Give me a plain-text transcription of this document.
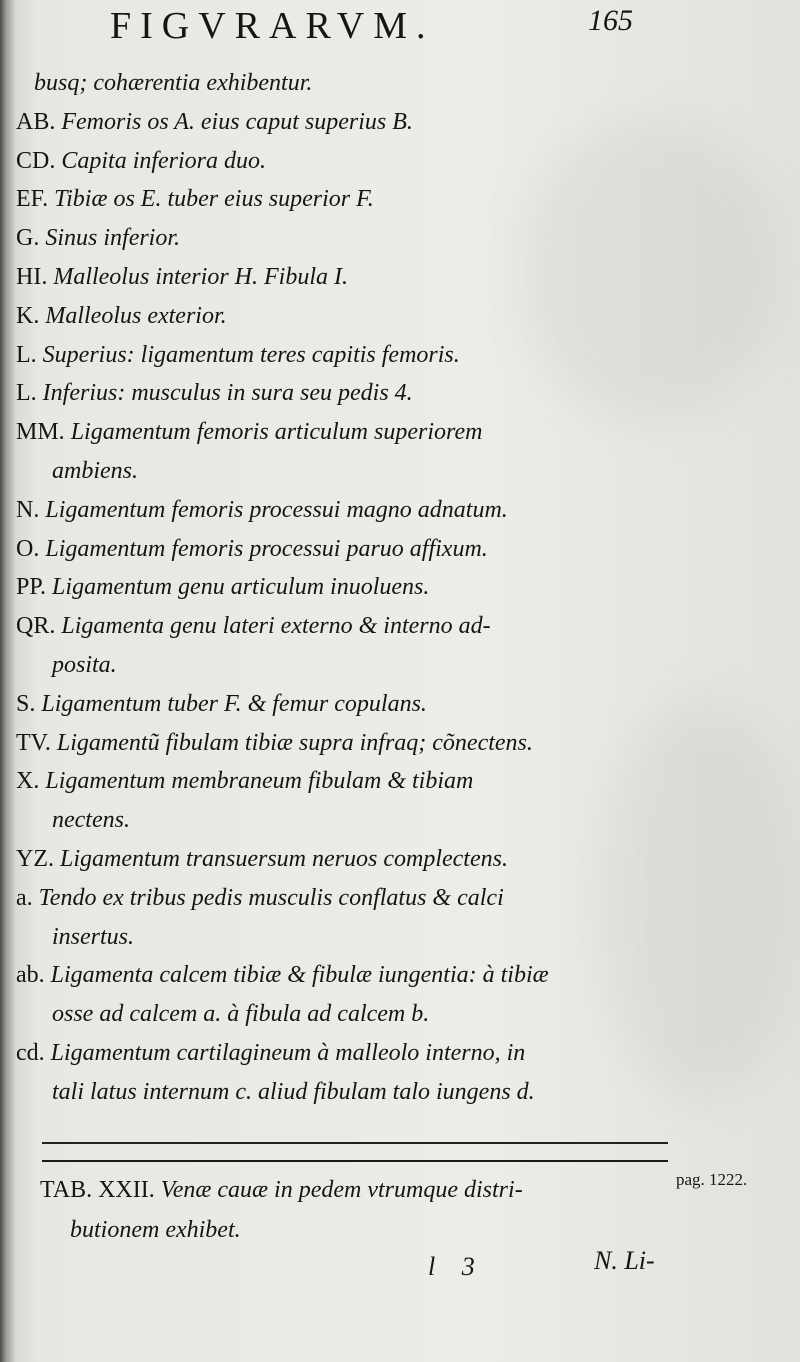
FIGVRARVM.	165
busq; cohærentia exhibentur.
AB. Femoris os A. eius caput superius B.
CD. Capita inferiora duo.
EF. Tibiæ os E. tuber eius superior F.
G. Sinus inferior.
HI. Malleolus interior H. Fibula I.
K. Malleolus exterior.
L. Superius: ligamentum teres capitis femoris.
L. Inferius: musculus in sura seu pedis 4.
MM. Ligamentum femoris articulum superiorem
ambiens.
N. Ligamentum femoris processui magno adnatum.
O. Ligamentum femoris processui paruo affixum.
PP. Ligamentum genu articulum inuoluens.
QR. Ligamenta genu lateri externo & interno ad-
posita.
S. Ligamentum tuber F. & femur copulans.
TV. Ligamentũ fibulam tibiæ supra infraq; cõnectens.
X. Ligamentum membraneum fibulam & tibiam
nectens.
YZ. Ligamentum transuersum neruos complectens.
a. Tendo ex tribus pedis musculis conflatus & calci
insertus.
ab. Ligamenta calcem tibiæ & fibulæ iungentia: à tibiæ
osse ad calcem a. à fibula ad calcem b.
cd. Ligamentum cartilagineum à malleolo interno, in
tali latus internum c. aliud fibulam talo iungens d.
TAB. XXII. Venæ cauæ in pedem vtrumque distri-
butionem exhibet.
pag. 1222.
l 3	N. Li-
